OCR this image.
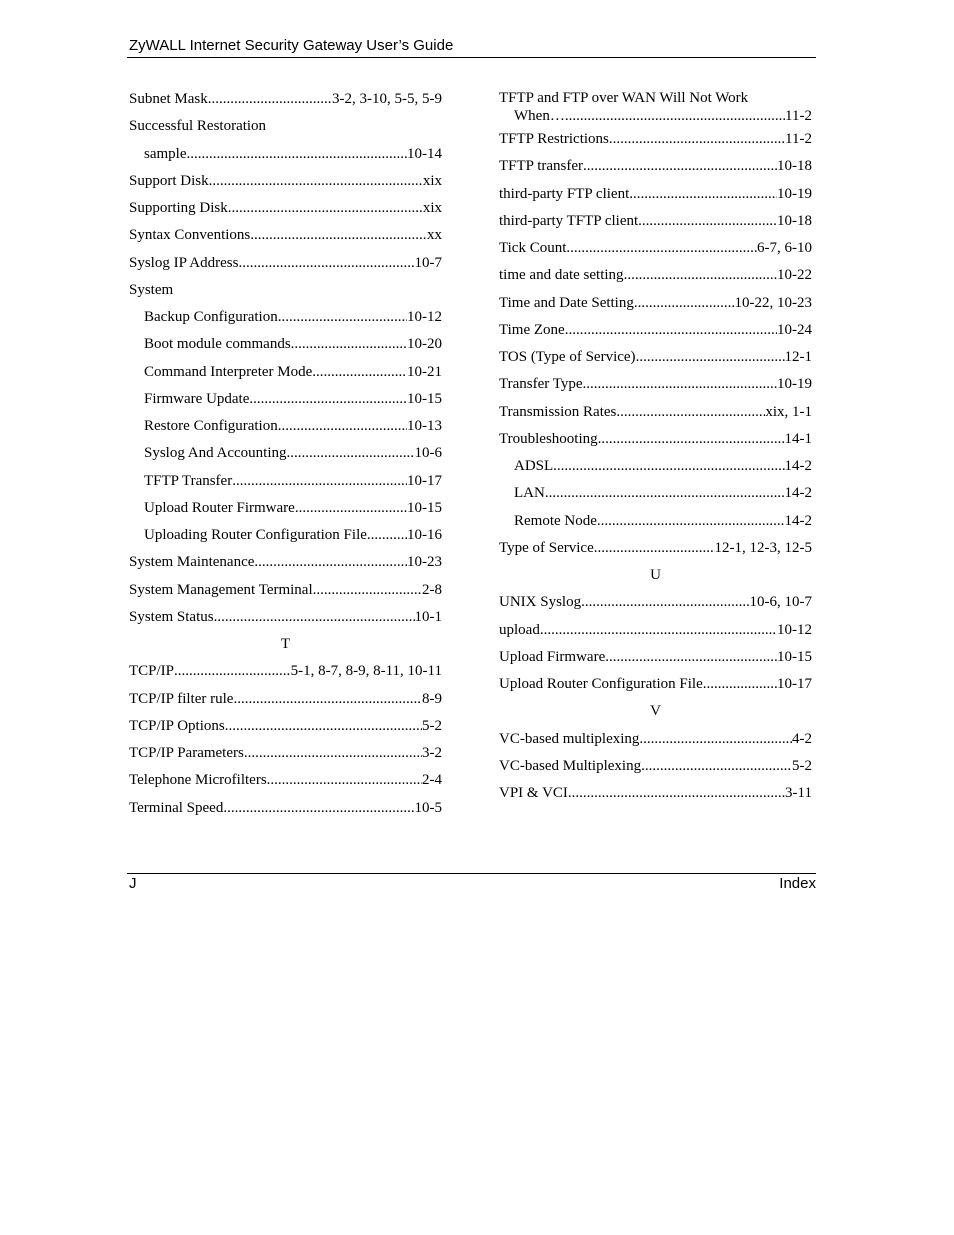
ZyWALL Internet Security Gateway User’s Guide
Subnet Mask .....	3-2, 3-10, 5-5, 5-9
Successful Restoration
sample .....	10-14
Support Disk .....	xix
Supporting Disk .....	xix
Syntax Conventions .....	xx
Syslog IP Address .....	10-7
System
Backup Configuration .....	10-12
Boot module commands .....	10-20
Command Interpreter Mode .....	10-21
Firmware Update .....	10-15
Restore Configuration .....	10-13
Syslog And Accounting .....	10-6
TFTP Transfer .....	10-17
Upload Router Firmware .....	10-15
Uploading Router Configuration File .....	10-16
System Maintenance .....	10-23
System Management Terminal .....	2-8
System Status .....	10-1
T
TCP/IP .....	5-1, 8-7, 8-9, 8-11, 10-11
TCP/IP filter rule .....	8-9
TCP/IP Options .....	5-2
TCP/IP Parameters .....	3-2
Telephone Microfilters .....	2-4
Terminal Speed .....	10-5
TFTP and FTP over WAN Will Not Work
When… .....	11-2
TFTP Restrictions .....	11-2
TFTP transfer .....	10-18
third-party FTP client .....	10-19
third-party TFTP client .....	10-18
Tick Count .....	6-7, 6-10
time and date setting .....	10-22
Time and Date Setting .....	10-22, 10-23
Time Zone .....	10-24
TOS (Type of Service) .....	12-1
Transfer Type .....	10-19
Transmission Rates .....	xix, 1-1
Troubleshooting .....	14-1
ADSL .....	14-2
LAN .....	14-2
Remote Node .....	14-2
Type of Service .....	12-1, 12-3, 12-5
U
UNIX Syslog .....	10-6, 10-7
upload .....	10-12
Upload Firmware .....	10-15
Upload Router Configuration File .....	10-17
V
VC-based multiplexing .....	4-2
VC-based Multiplexing .....	5-2
VPI & VCI .....	3-11
J	Index
